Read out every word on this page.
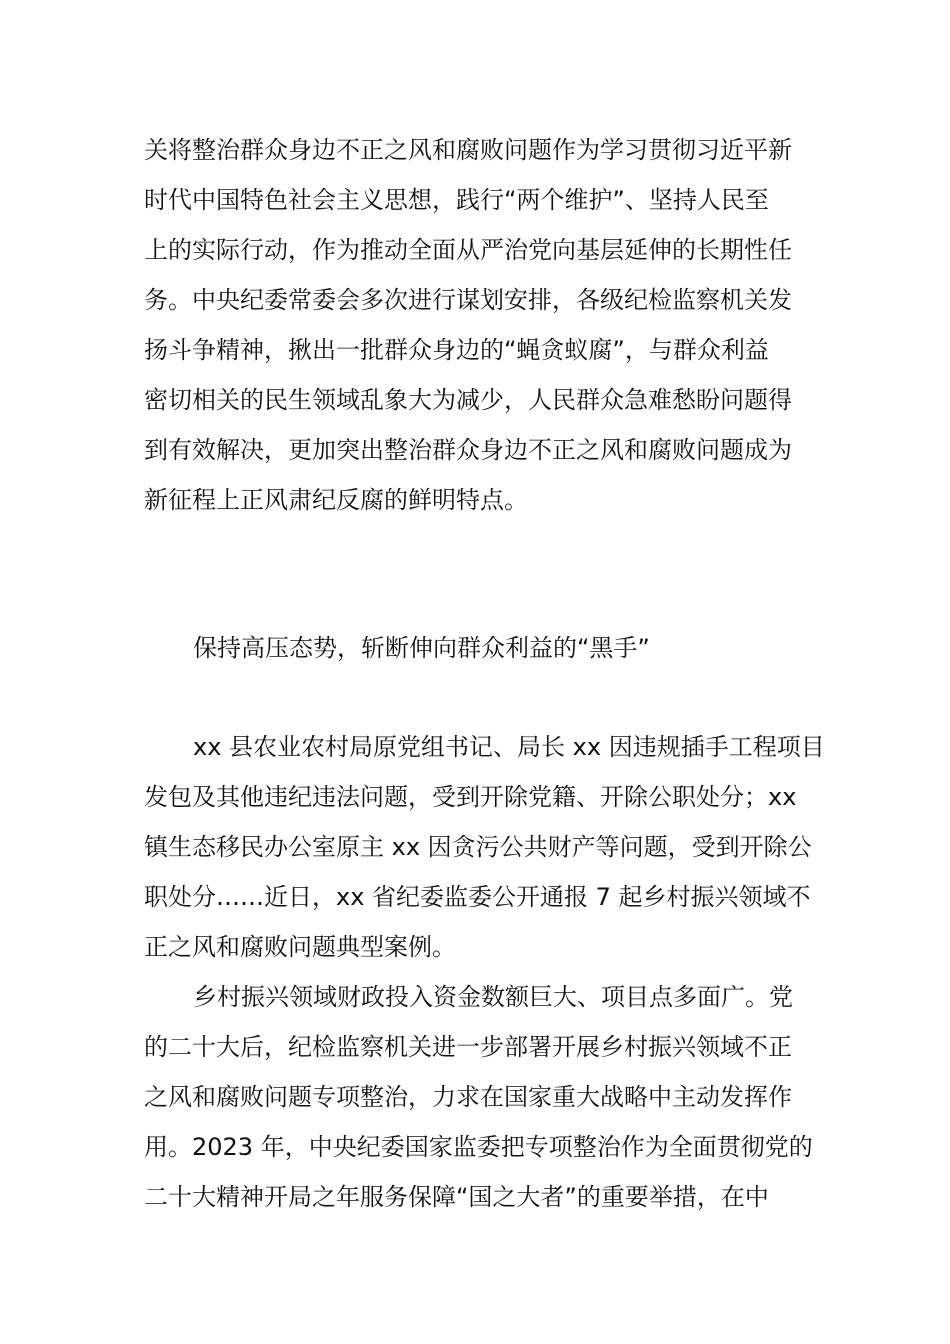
关将整治群众身边不正之风和腐败问题作为学习贯彻习近平新
时代中国特色社会主义思想，践行“两个维护”、坚持人民至
上的实际行动，作为推动全面从严治党向基层延伸的长期性任
务。中央纪委常委会多次进行谋划安排，各级纪检监察机关发
扬斗争精神，揪出一批群众身边的“蝇贪蚁腐”，与群众利益
密切相关的民生领域乱象大为减少，人民群众急难愁盼问题得
到有效解决，更加突出整治群众身边不正之风和腐败问题成为
新征程上正风肃纪反腐的鲜明特点。
保持高压态势，斩断伸向群众利益的“黑手”
xx 县农业农村局原党组书记、局长 xx 因违规插手工程项目
发包及其他违纪违法问题，受到开除党籍、开除公职处分；xx
镇生态移民办公室原主 xx 因贪污公共财产等问题，受到开除公
职处分……近日，xx 省纪委监委公开通报 7 起乡村振兴领域不
正之风和腐败问题典型案例。
乡村振兴领域财政投入资金数额巨大、项目点多面广。党
的二十大后，纪检监察机关进一步部署开展乡村振兴领域不正
之风和腐败问题专项整治，力求在国家重大战略中主动发挥作
用。2023 年，中央纪委国家监委把专项整治作为全面贯彻党的
二十大精神开局之年服务保障“国之大者”的重要举措，在中
